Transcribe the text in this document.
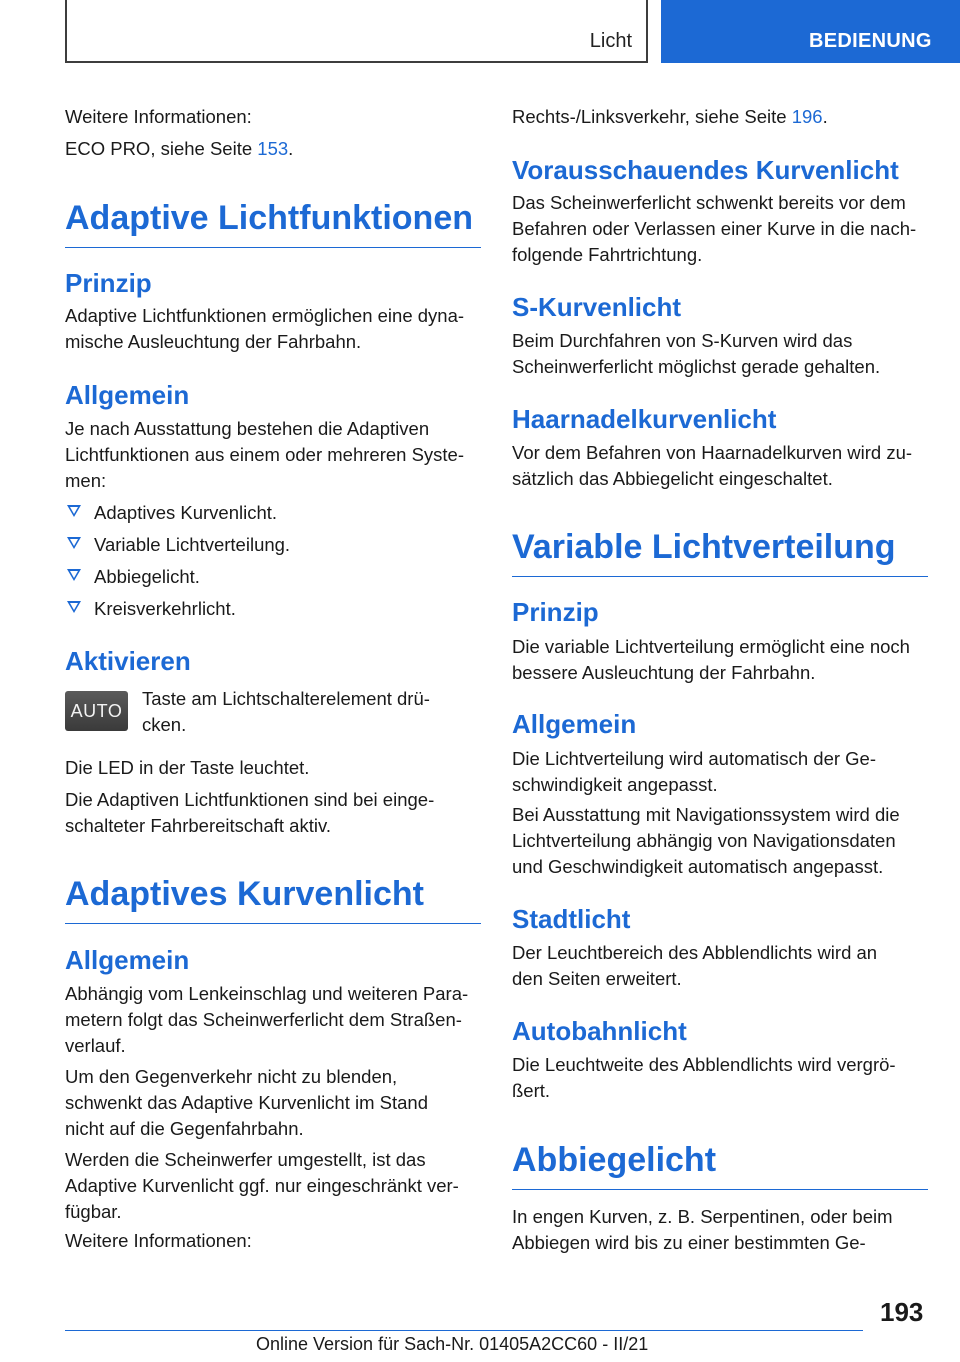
Licht	BEDIENUNG

Weitere Informationen:

ECO PRO, siehe Seite 153.

Adaptive Lichtfunktionen
Prinzip

Adaptive Lichtfunktionen ermöglichen eine dyna-

mische Ausleuchtung der Fahrbahn.

Allgemein

Je nach Ausstattung bestehen die Adaptiven

Lichtfunktionen aus einem oder mehreren Syste-

men:

Adaptives Kurvenlicht.
Variable Lichtverteilung.
Abbiegelicht.
Kreisverkehrlicht.
Aktivieren
AUTO

Taste am Lichtschalterelement drü-

cken.

Die LED in der Taste leuchtet.

Die Adaptiven Lichtfunktionen sind bei einge-

schalteter Fahrbereitschaft aktiv.

Adaptives Kurvenlicht
Allgemein

Abhängig vom Lenkeinschlag und weiteren Para-

metern folgt das Scheinwerferlicht dem Straßen-

verlauf.

Um den Gegenverkehr nicht zu blenden,

schwenkt das Adaptive Kurvenlicht im Stand

nicht auf die Gegenfahrbahn.

Werden die Scheinwerfer umgestellt, ist das

Adaptive Kurvenlicht ggf. nur eingeschränkt ver-

fügbar.

Weitere Informationen:

Rechts-/Linksverkehr, siehe Seite 196.

Vorausschauendes Kurvenlicht

Das Scheinwerferlicht schwenkt bereits vor dem

Befahren oder Verlassen einer Kurve in die nach-

folgende Fahrtrichtung.

S-Kurvenlicht

Beim Durchfahren von S-Kurven wird das

Scheinwerferlicht möglichst gerade gehalten.

Haarnadelkurvenlicht

Vor dem Befahren von Haarnadelkurven wird zu-

sätzlich das Abbiegelicht eingeschaltet.

Variable Lichtverteilung
Prinzip

Die variable Lichtverteilung ermöglicht eine noch

bessere Ausleuchtung der Fahrbahn.

Allgemein

Die Lichtverteilung wird automatisch der Ge-

schwindigkeit angepasst.

Bei Ausstattung mit Navigationssystem wird die

Lichtverteilung abhängig von Navigationsdaten

und Geschwindigkeit automatisch angepasst.

Stadtlicht

Der Leuchtbereich des Abblendlichts wird an

den Seiten erweitert.

Autobahnlicht

Die Leuchtweite des Abblendlichts wird vergrö-

ßert.

Abbiegelicht

In engen Kurven, z. B. Serpentinen, oder beim

Abbiegen wird bis zu einer bestimmten Ge-

193
Online Version für Sach-Nr. 01405A2CC60 - II/21
